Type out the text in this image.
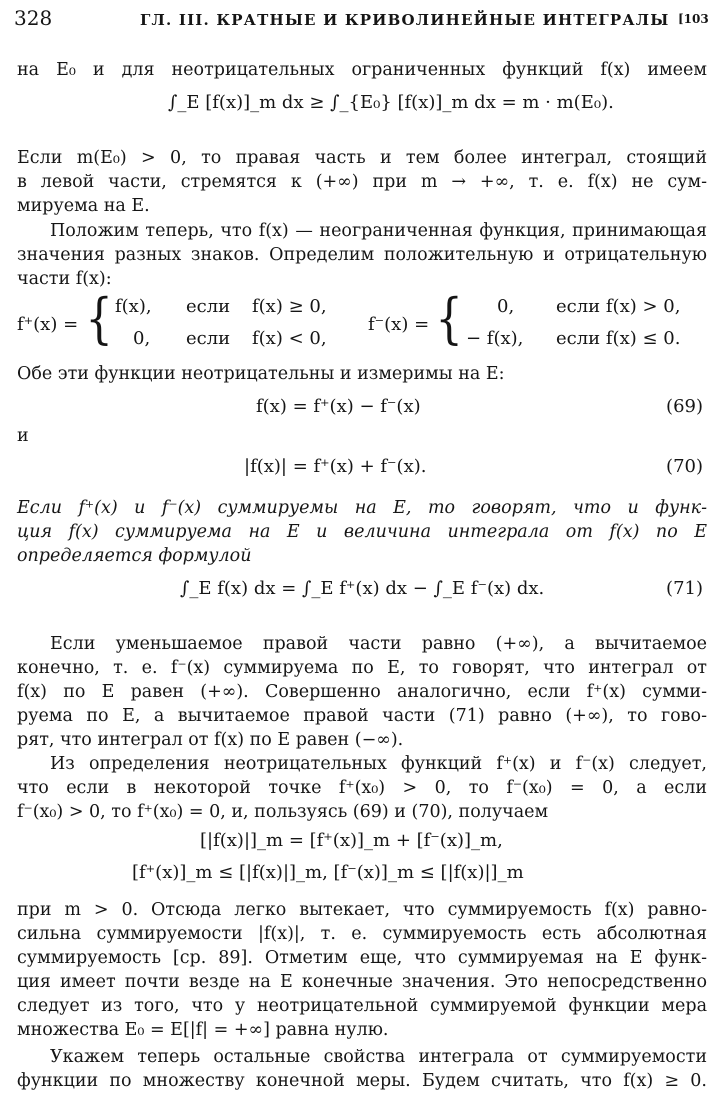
328	ГЛ. III. КРАТНЫЕ И КРИВОЛИНЕЙНЫЕ ИНТЕГРАЛЫ [103
на E₀ и для неотрицательных ограниченных функций f(x) имеем
∫_E [f(x)]_m dx ≥ ∫_{E₀} [f(x)]_m dx = m · m(E₀).
Если m(E₀) > 0, то правая часть и тем более интеграл, стоящий
в левой части, стремятся к (+∞) при m → +∞, т. е. f(x) не сум-
мируема на E.
Положим теперь, что f(x) — неограниченная функция, принимающая
значения разных знаков. Определим положительную и отрицательную
части f(x):
f⁺(x) = { f(x), если f(x) ≥ 0,
0, если f(x) < 0,
f⁻(x) = { 0, если f(x) > 0,
− f(x), если f(x) ≤ 0.
Обе эти функции неотрицательны и измеримы на E:
f(x) = f⁺(x) − f⁻(x)	(69)
и
|f(x)| = f⁺(x) + f⁻(x).	(70)
Если f⁺(x) и f⁻(x) суммируемы на E, то говорят, что и функ-
ция f(x) суммируема на E и величина интеграла от f(x) по E
определяется формулой
∫_E f(x) dx = ∫_E f⁺(x) dx − ∫_E f⁻(x) dx.	(71)
Если уменьшаемое правой части равно (+∞), а вычитаемое
конечно, т. е. f⁻(x) суммируема по E, то говорят, что интеграл от
f(x) по E равен (+∞). Совершенно аналогично, если f⁺(x) сумми-
руема по E, а вычитаемое правой части (71) равно (+∞), то гово-
рят, что интеграл от f(x) по E равен (−∞).
Из определения неотрицательных функций f⁺(x) и f⁻(x) следует,
что если в некоторой точке f⁺(x₀) > 0, то f⁻(x₀) = 0, а если
f⁻(x₀) > 0, то f⁺(x₀) = 0, и, пользуясь (69) и (70), получаем
[|f(x)|]_m = [f⁺(x)]_m + [f⁻(x)]_m,
[f⁺(x)]_m ≤ [|f(x)|]_m, [f⁻(x)]_m ≤ [|f(x)|]_m
при m > 0. Отсюда легко вытекает, что суммируемость f(x) равно-
сильна суммируемости |f(x)|, т. е. суммируемость есть абсолютная
суммируемость [ср. 89]. Отметим еще, что суммируемая на E функ-
ция имеет почти везде на E конечные значения. Это непосредственно
следует из того, что у неотрицательной суммируемой функции мера
множества E₀ = E[|f| = +∞] равна нулю.
Укажем теперь остальные свойства интеграла от суммируемости
функции по множеству конечной меры. Будем считать, что f(x) ≥ 0.
